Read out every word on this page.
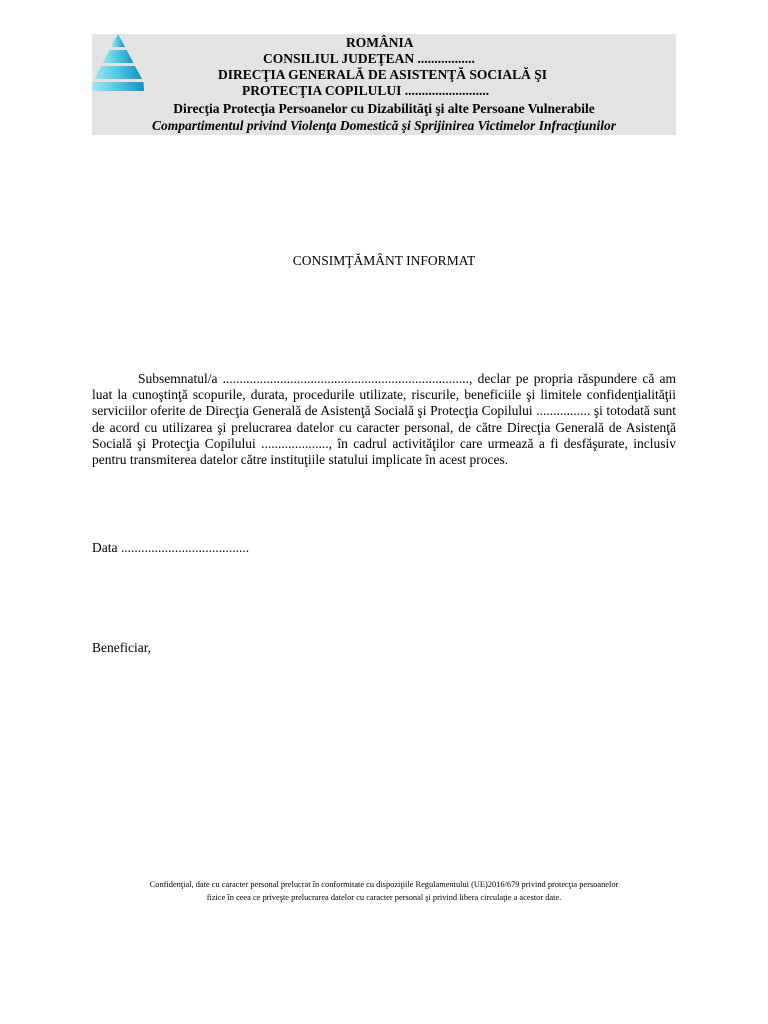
ROMÂNIA
CONSILIUL JUDEŢEAN .................
DIRECŢIA GENERALĂ DE ASISTENŢĂ SOCIALĂ ŞI
PROTECŢIA COPILULUI .........................
Direcţia Protecţia Persoanelor cu Dizabilităţi şi alte Persoane Vulnerabile
Compartimentul privind Violenţa Domestică şi Sprijinirea Victimelor Infracţiunilor
CONSIMŢĂMÂNT INFORMAT

Subsemnatul/a ........................................................................., declar pe propria răspundere că am luat la cunoştinţă scopurile, durata, procedurile utilizate, riscurile, beneficiile şi limitele confidenţialităţii serviciilor oferite de Direcţia Generală de Asistenţă Socială şi Protecţia Copilului ................ şi totodată sunt de acord cu utilizarea şi prelucrarea datelor cu caracter personal, de către Direcţia Generală de Asistenţă Socială şi Protecţia Copilului ...................., în cadrul activităţilor care urmează a fi desfăşurate, inclusiv pentru transmiterea datelor către instituţiile statului implicate în acest proces.

Data ......................................
Beneficiar,
Confidenţial, date cu caracter personal prelucrat în conformitate cu dispoziţiile Regulamentului (UE)2016/679 privind protecţia persoanelor
fizice în ceea ce priveşte prelucrarea datelor cu caracter personal şi privind libera circulaţie a acestor date.
